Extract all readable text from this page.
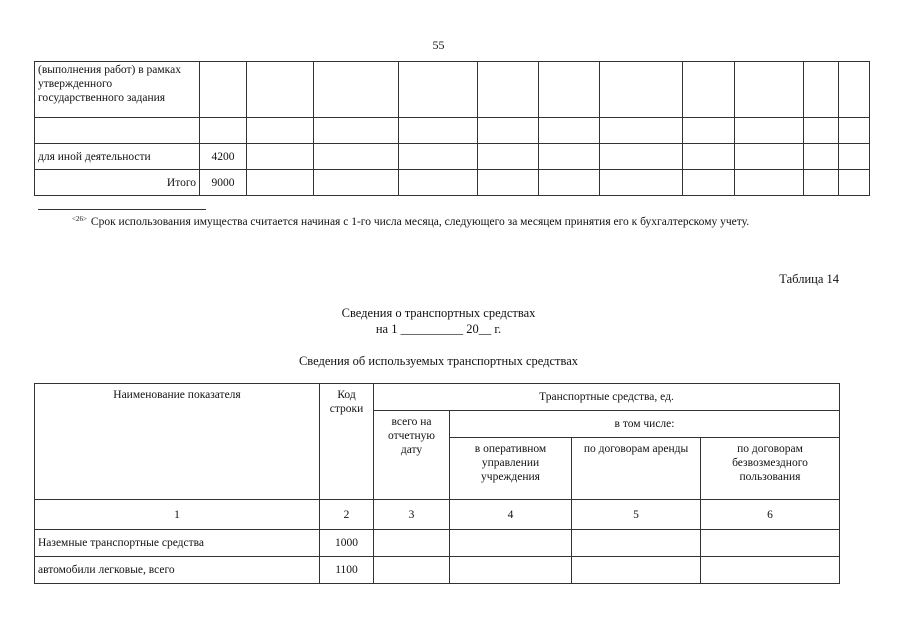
55
(выполнения работ) в рамках утвержденного государственного задания											

для иной деятельности	4200										
Итого	9000										
$^{<26>}$ Срок использования имущества считается начиная с 1-го числа месяца, следующего за месяцем принятия его к бухгалтерскому учету.
Таблица 14
Сведения о транспортных средствах
на 1 __________ 20__ г.
Сведения об используемых транспортных средствах
Наименование показателя	Код строки	Транспортные средства, ед.			
		всего на отчетную дату	в том числе:		
			в оперативном управлении учреждения	по договорам аренды	по договорам безвозмездного пользования
1	2	3	4	5	6
Наземные транспортные средства	1000				
автомобили легковые, всего	1100				
